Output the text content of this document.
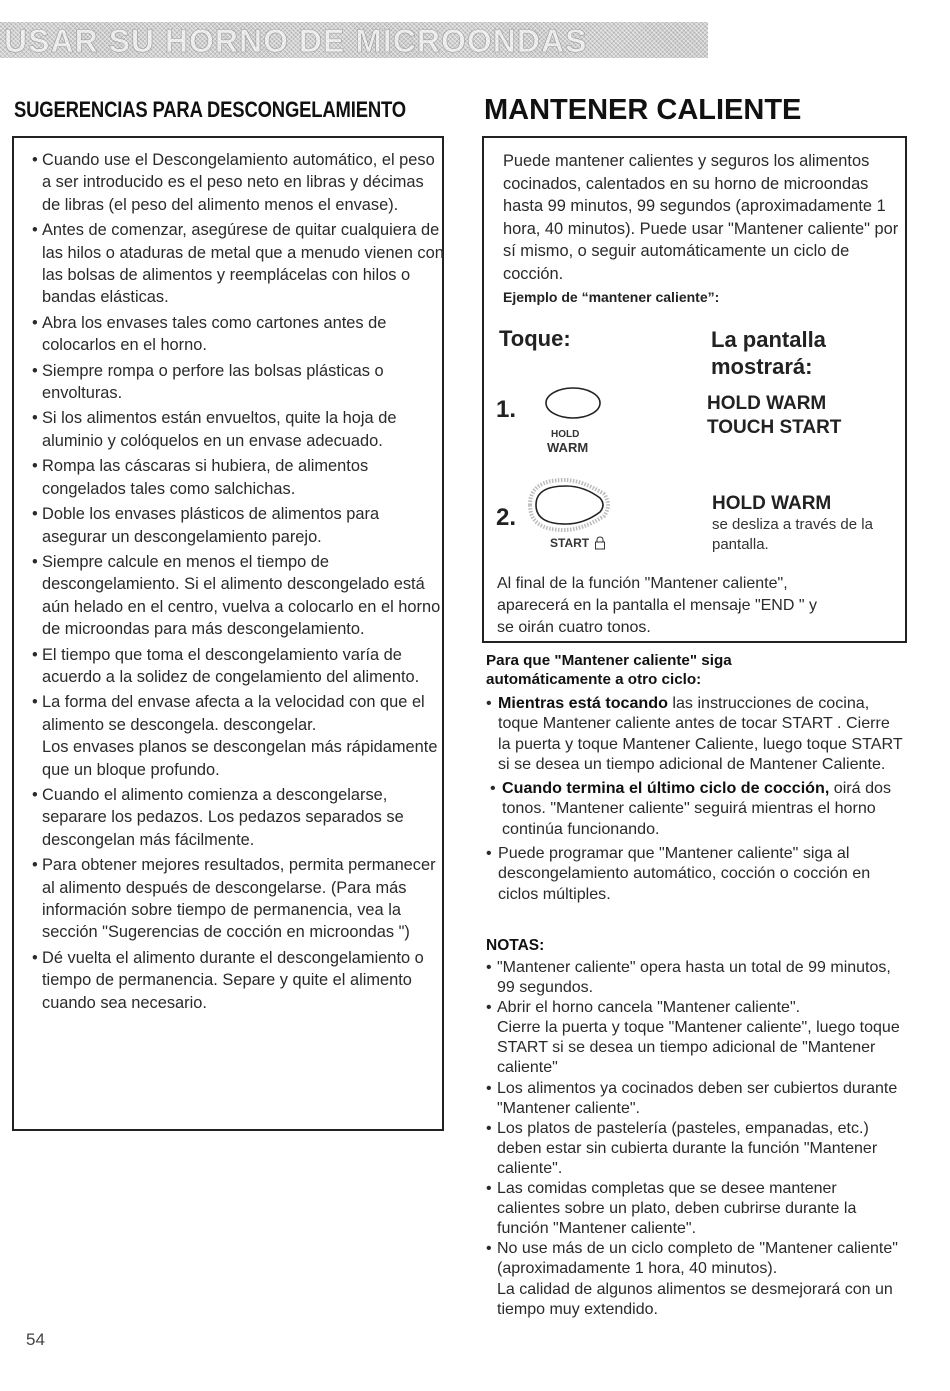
USAR SU HORNO DE MICROONDAS
SUGERENCIAS PARA DESCONGELAMIENTO	MANTENER CALIENTE
• Cuando use el Descongelamiento automático, el peso a ser introducido es el peso neto en libras y décimas de libras (el peso del alimento menos el envase).
• Antes de comenzar, asegúrese de quitar cualquiera de las hilos o ataduras de metal que a menudo vienen con las bolsas de alimentos y reemplácelas con hilos o bandas elásticas.
• Abra los envases tales como cartones antes de colocarlos en el horno.
• Siempre rompa o perfore las bolsas plásticas o envolturas.
• Si los alimentos están envueltos, quite la hoja de aluminio y colóquelos en un envase adecuado.
• Rompa las cáscaras si hubiera, de alimentos congelados tales como salchichas.
• Doble los envases plásticos de alimentos para asegurar un descongelamiento parejo.
• Siempre calcule en menos el tiempo de descongelamiento. Si el alimento descongelado está aún helado en el centro, vuelva a colocarlo en el horno de microondas para más descongelamiento.
• El tiempo que toma el descongelamiento varía de acuerdo a la solidez de congelamiento del alimento.
• La forma del envase afecta a la velocidad con que el alimento se descongela. descongelar.
Los envases planos se descongelan más rápidamente que un bloque profundo.
• Cuando el alimento comienza a descongelarse, separare los pedazos. Los pedazos separados se descongelan más fácilmente.
• Para obtener mejores resultados, permita permanecer al alimento después de descongelarse. (Para más información sobre tiempo de permanencia, vea la sección "Sugerencias de cocción en microondas ")
• Dé vuelta el alimento durante el descongelamiento o tiempo de permanencia. Separe y quite el alimento cuando sea necesario.

Puede mantener calientes y seguros los alimentos cocinados, calentados en su horno de microondas hasta 99 minutos, 99 segundos (aproximadamente 1 hora, 40 minutos). Puede usar "Mantener caliente" por sí mismo, o seguir automáticamente un ciclo de cocción.

Ejemplo de “mantener caliente”:

Toque:	La pantalla mostrará:
1.
HOLD
WARM
HOLD WARM
TOUCH START
2.
START
HOLD WARM

se desliza a través de la pantalla.

Al final de la función "Mantener caliente",
aparecerá en la pantalla el mensaje "END " y
se oirán cuatro tonos.

Para que "Mantener caliente" siga
automáticamente a otro ciclo:

• Mientras está tocando las instrucciones de cocina, toque Mantener caliente antes de tocar START . Cierre la puerta y toque Mantener Caliente, luego toque START si se desea un tiempo adicional de Mantener Caliente.
• Cuando termina el último ciclo de cocción, oirá dos tonos. "Mantener caliente" seguirá mientras el horno continúa funcionando.
• Puede programar que "Mantener caliente" siga al descongelamiento automático, cocción o cocción en ciclos múltiples.

NOTAS:

• "Mantener caliente" opera hasta un total de 99 minutos, 99 segundos.
• Abrir el horno cancela "Mantener caliente".
Cierre la puerta y toque "Mantener caliente", luego toque START si se desea un tiempo adicional de "Mantener caliente"
• Los alimentos ya cocinados deben ser cubiertos durante "Mantener caliente".
• Los platos de pastelería (pasteles, empanadas, etc.) deben estar sin cubierta durante la función "Mantener caliente".
• Las comidas completas que se desee mantener calientes sobre un plato, deben cubrirse durante la función "Mantener caliente".
• No use más de un ciclo completo de "Mantener caliente" (aproximadamente 1 hora, 40 minutos).
La calidad de algunos alimentos se desmejorará con un tiempo muy extendido.
54
